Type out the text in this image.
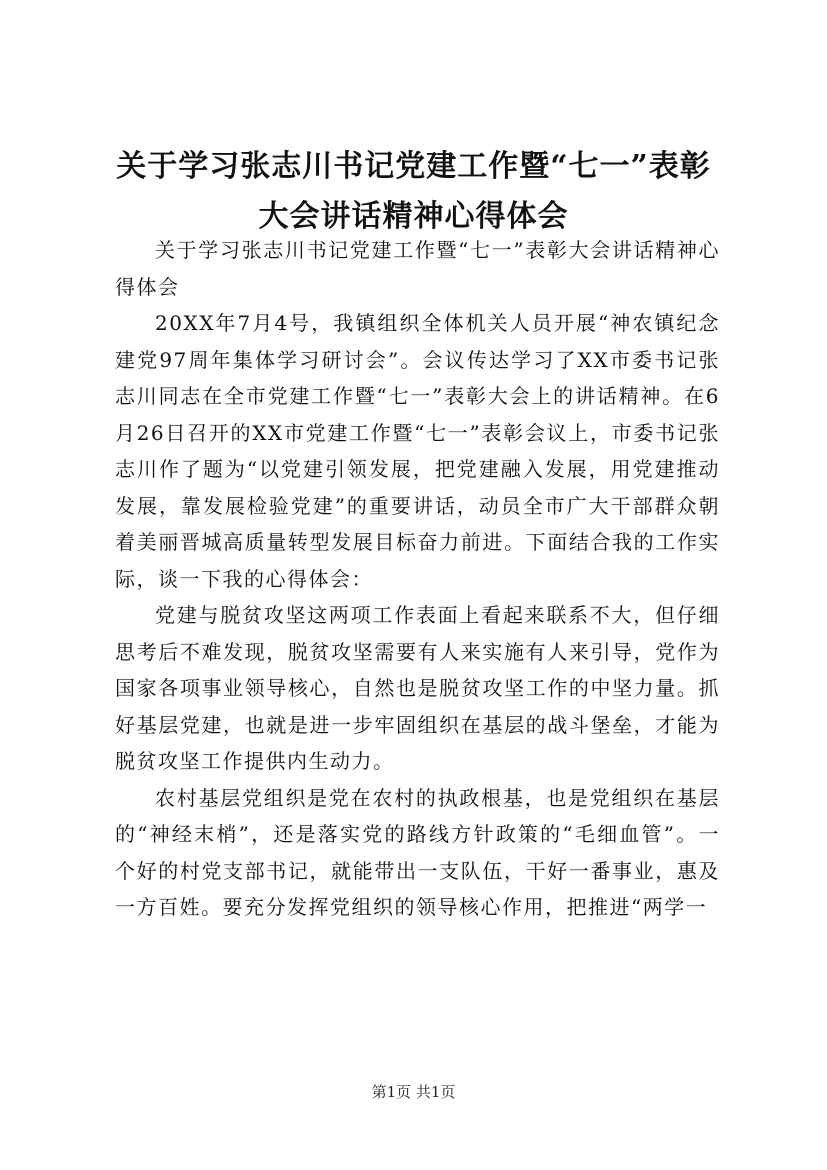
关于学习张志川书记党建工作暨“七一”表彰
大会讲话精神心得体会

关于学习张志川书记党建工作暨“七一”表彰大会讲话精神心得体会

20XX年7月4号，我镇组织全体机关人员开展“神农镇纪念建党97周年集体学习研讨会”。会议传达学习了XX市委书记张志川同志在全市党建工作暨“七一”表彰大会上的讲话精神。在6月26日召开的XX市党建工作暨“七一”表彰会议上，市委书记张志川作了题为“以党建引领发展，把党建融入发展，用党建推动发展，靠发展检验党建”的重要讲话，动员全市广大干部群众朝着美丽晋城高质量转型发展目标奋力前进。下面结合我的工作实际，谈一下我的心得体会：

党建与脱贫攻坚这两项工作表面上看起来联系不大，但仔细思考后不难发现，脱贫攻坚需要有人来实施有人来引导，党作为国家各项事业领导核心，自然也是脱贫攻坚工作的中坚力量。抓好基层党建，也就是进一步牢固组织在基层的战斗堡垒，才能为脱贫攻坚工作提供内生动力。

农村基层党组织是党在农村的执政根基，也是党组织在基层的“神经末梢”，还是落实党的路线方针政策的“毛细血管”。一个好的村党支部书记，就能带出一支队伍，干好一番事业，惠及一方百姓。要充分发挥党组织的领导核心作用，把推进“两学一

第1页 共1页
